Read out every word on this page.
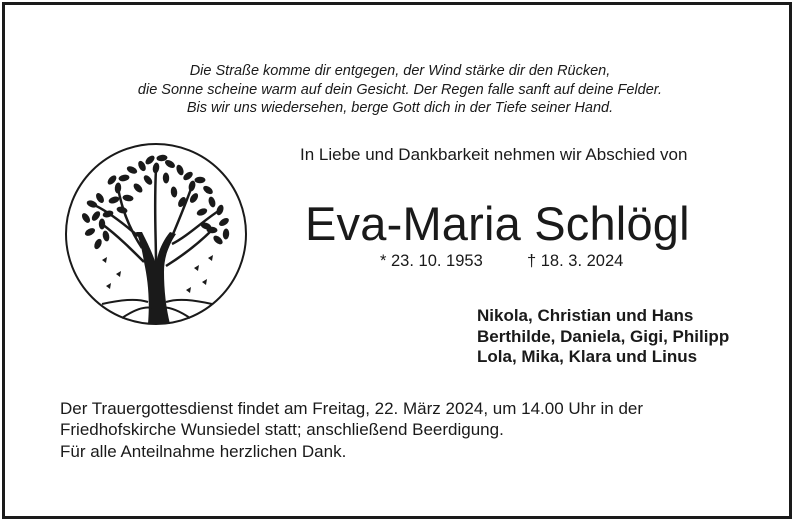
Die Straße komme dir entgegen, der Wind stärke dir den Rücken,
die Sonne scheine warm auf dein Gesicht. Der Regen falle sanft auf deine Felder.
Bis wir uns wiedersehen, berge Gott dich in der Tiefe seiner Hand.
In Liebe und Dankbarkeit nehmen wir Abschied von
Eva-Maria Schlögl
* 23. 10. 1953	† 18. 3. 2024
Nikola, Christian und Hans
Berthilde, Daniela, Gigi, Philipp
Lola, Mika, Klara und Linus
Der Trauergottesdienst findet am Freitag, 22. März 2024, um 14.00 Uhr in der
Friedhofskirche Wunsiedel statt; anschließend Beerdigung.
Für alle Anteilnahme herzlichen Dank.
